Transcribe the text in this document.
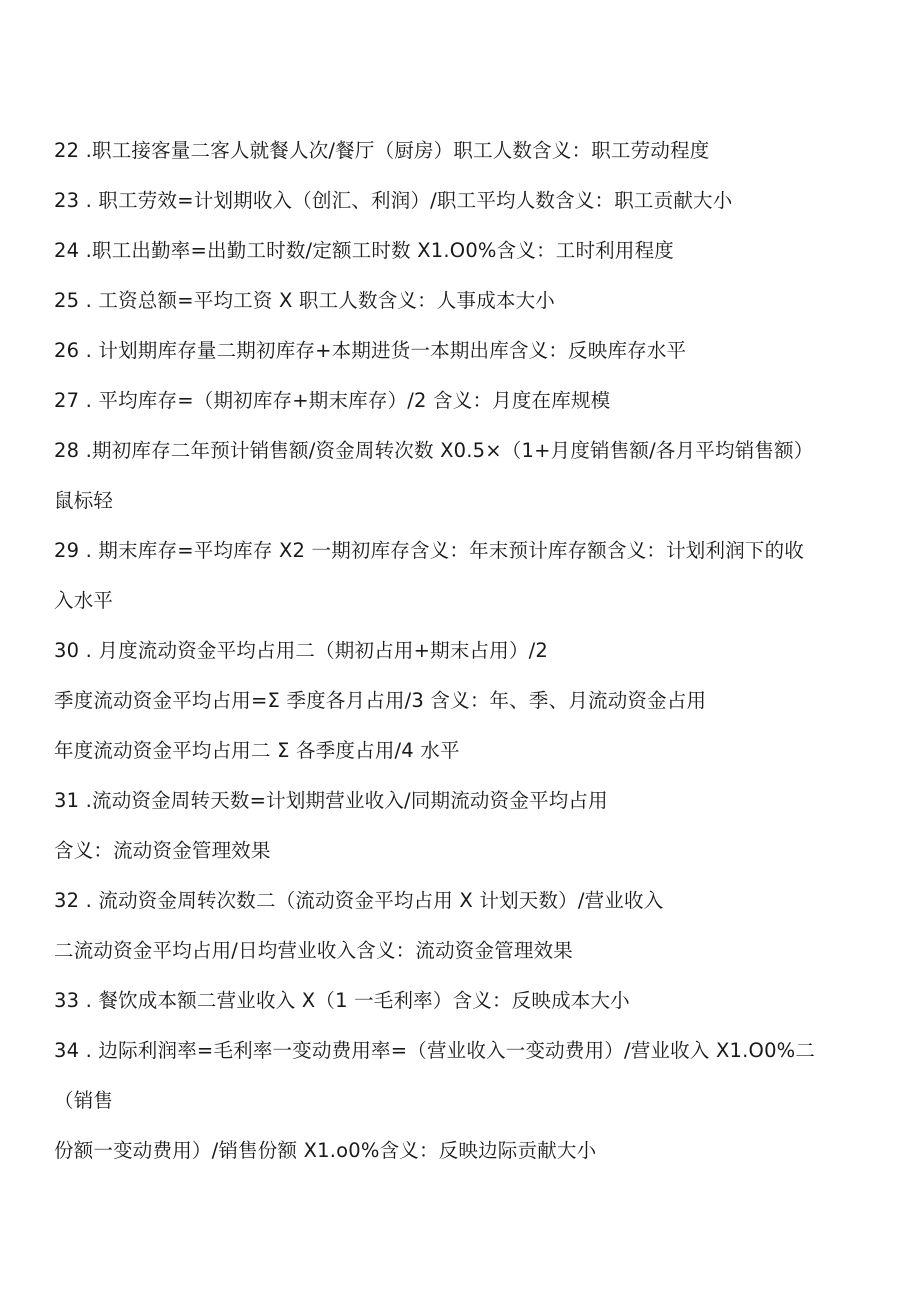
22 .职工接客量二客人就餐人次/餐厅（厨房）职工人数含义：职工劳动程度
23 . 职工劳效=计划期收入（创汇、利润）/职工平均人数含义：职工贡献大小
24 .职工出勤率=出勤工时数/定额工时数 X1.O0%含义：工时利用程度
25 . 工资总额=平均工资 X 职工人数含义：人事成本大小
26 . 计划期库存量二期初库存+本期进货一本期出库含义：反映库存水平
27 . 平均库存=（期初库存+期末库存）/2 含义：月度在库规模
28 .期初库存二年预计销售额/资金周转次数 X0.5×（1+月度销售额/各月平均销售额）
鼠标轻
29 . 期末库存=平均库存 X2 一期初库存含义：年末预计库存额含义：计划利润下的收
入水平
30 . 月度流动资金平均占用二（期初占用+期末占用）/2
季度流动资金平均占用=Σ 季度各月占用/3 含义：年、季、月流动资金占用
年度流动资金平均占用二 Σ 各季度占用/4 水平
31 .流动资金周转天数=计划期营业收入/同期流动资金平均占用
含义：流动资金管理效果
32 . 流动资金周转次数二（流动资金平均占用 X 计划天数）/营业收入
二流动资金平均占用/日均营业收入含义：流动资金管理效果
33 . 餐饮成本额二营业收入 X（1 一毛利率）含义：反映成本大小
34 . 边际利润率=毛利率一变动费用率=（营业收入一变动费用）/营业收入 X1.O0%二
（销售
份额一变动费用）/销售份额 X1.o0%含义：反映边际贡献大小
